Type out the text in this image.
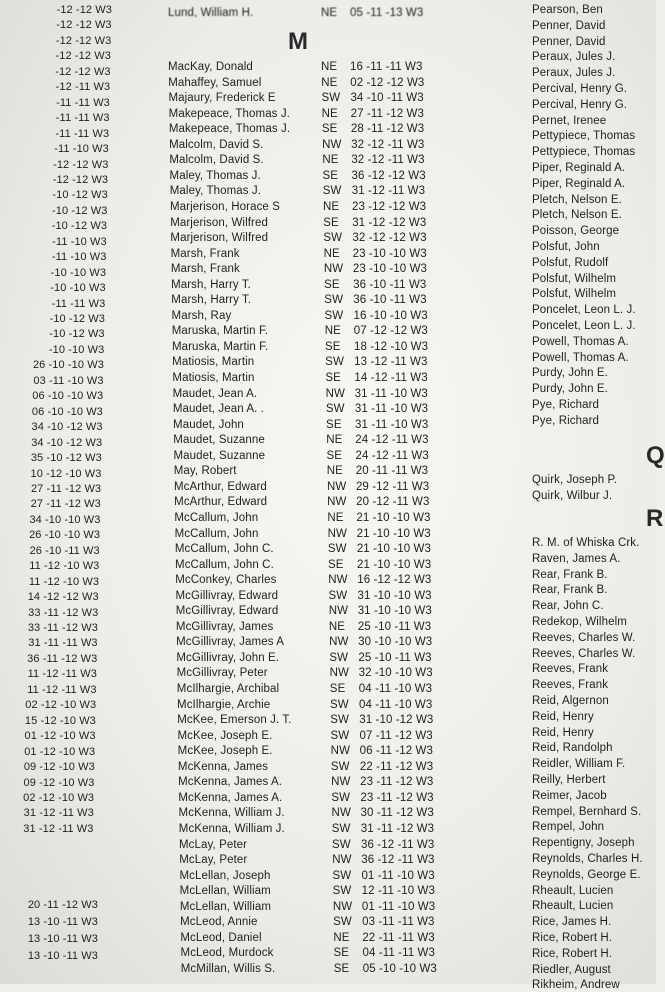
-12 -12 W3
-12 -12 W3
-12 -12 W3
-12 -12 W3
-12 -12 W3
-12 -11 W3
-11 -11 W3
-11 -11 W3
-11 -11 W3
-11 -10 W3
-12 -12 W3
-12 -12 W3
-10 -12 W3
-10 -12 W3
-10 -12 W3
-11 -10 W3
-11 -10 W3
-10 -10 W3
-10 -10 W3
-11 -11 W3
-10 -12 W3
-10 -12 W3
-10 -10 W3
26 -10 -10 W3
03 -11 -10 W3
06 -10 -10 W3
06 -10 -10 W3
34 -10 -12 W3
34 -10 -12 W3
35 -10 -12 W3
10 -12 -10 W3
27 -11 -12 W3
27 -11 -12 W3
34 -10 -10 W3
26 -10 -10 W3
26 -10 -11 W3
11 -12 -10 W3
11 -12 -10 W3
14 -12 -12 W3
33 -11 -12 W3
33 -11 -12 W3
31 -11 -11 W3
36 -11 -12 W3
11 -12 -11 W3
11 -12 -11 W3
02 -12 -10 W3
15 -12 -10 W3
01 -12 -10 W3
01 -12 -10 W3
09 -12 -10 W3
09 -12 -10 W3
02 -12 -10 W3
31 -12 -11 W3
31 -12 -11 W3
20 -11 -12 W3
13 -10 -11 W3
13 -10 -11 W3
13 -10 -11 W3
Lund, William H.	NE 05 -11 -13 W3
M
MacKay, Donald	NE 16 -11 -11 W3
Mahaffey, Samuel	NE 02 -12 -12 W3
Majaury, Frederick E	SW 34 -10 -11 W3
Makepeace, Thomas J.	NE 27 -11 -12 W3
Makepeace, Thomas J.	SE 28 -11 -12 W3
Malcolm, David S.	NW 32 -12 -11 W3
Malcolm, David S.	NE 32 -12 -11 W3
Maley, Thomas J.	SE 36 -12 -12 W3
Maley, Thomas J.	SW 31 -12 -11 W3
Marjerison, Horace S	NE 23 -12 -12 W3
Marjerison, Wilfred	SE 31 -12 -12 W3
Marjerison, Wilfred	SW 32 -12 -12 W3
Marsh, Frank	NE 23 -10 -10 W3
Marsh, Frank	NW 23 -10 -10 W3
Marsh, Harry T.	SE 36 -10 -11 W3
Marsh, Harry T.	SW 36 -10 -11 W3
Marsh, Ray	SW 16 -10 -10 W3
Maruska, Martin F.	NE 07 -12 -12 W3
Maruska, Martin F.	SE 18 -12 -10 W3
Matiosis, Martin	SW 13 -12 -11 W3
Matiosis, Martin	SE 14 -12 -11 W3
Maudet, Jean A.	NW 31 -11 -10 W3
Maudet, Jean A. .	SW 31 -11 -10 W3
Maudet, John	SE 31 -11 -10 W3
Maudet, Suzanne	NE 24 -12 -11 W3
Maudet, Suzanne	SE 24 -12 -11 W3
May, Robert	NE 20 -11 -11 W3
McArthur, Edward	NW 29 -12 -11 W3
McArthur, Edward	NW 20 -12 -11 W3
McCallum, John	NE 21 -10 -10 W3
McCallum, John	NW 21 -10 -10 W3
McCallum, John C.	SW 21 -10 -10 W3
McCallum, John C.	SE 21 -10 -10 W3
McConkey, Charles	NW 16 -12 -12 W3
McGillivray, Edward	SW 31 -10 -10 W3
McGillivray, Edward	NW 31 -10 -10 W3
McGillivray, James	NE 25 -10 -11 W3
McGillivray, James A	NW 30 -10 -10 W3
McGillivray, John E.	SW 25 -10 -11 W3
McGillivray, Peter	NW 32 -10 -10 W3
McIlhargie, Archibal	SE 04 -11 -10 W3
McIlhargie, Archie	SW 04 -11 -10 W3
McKee, Emerson J. T.	SW 31 -10 -12 W3
McKee, Joseph E.	SW 07 -11 -12 W3
McKee, Joseph E.	NW 06 -11 -12 W3
McKenna, James	SW 22 -11 -12 W3
McKenna, James A.	NW 23 -11 -12 W3
McKenna, James A.	SW 23 -11 -12 W3
McKenna, William J.	NW 30 -11 -12 W3
McKenna, William J.	SW 31 -11 -12 W3
McLay, Peter	SW 36 -12 -11 W3
McLay, Peter	NW 36 -12 -11 W3
McLellan, Joseph	SW 01 -11 -10 W3
McLellan, William	SW 12 -11 -10 W3
McLellan, William	NW 01 -11 -10 W3
McLeod, Annie	SW 03 -11 -11 W3
McLeod, Daniel	NE 22 -11 -11 W3
McLeod, Murdock	SE 04 -11 -11 W3
McMillan, Willis S.	SE 05 -10 -10 W3
Q
R
Pearson, Ben
Penner, David
Penner, David
Peraux, Jules J.
Peraux, Jules J.
Percival, Henry G.
Percival, Henry G.
Pernet, Irenee
Pettypiece, Thomas
Pettypiece, Thomas
Piper, Reginald A.
Piper, Reginald A.
Pletch, Nelson E.
Pletch, Nelson E.
Poisson, George
Polsfut, John
Polsfut, Rudolf
Polsfut, Wilhelm
Polsfut, Wilhelm
Poncelet, Leon L. J.
Poncelet, Leon L. J.
Powell, Thomas A.
Powell, Thomas A.
Purdy, John E.
Purdy, John E.
Pye, Richard
Pye, Richard
Quirk, Joseph P.
Quirk, Wilbur J.
R. M. of Whiska Crk.
Raven, James A.
Rear, Frank B.
Rear, Frank B.
Rear, John C.
Redekop, Wilhelm
Reeves, Charles W.
Reeves, Charles W.
Reeves, Frank
Reeves, Frank
Reid, Algernon
Reid, Henry
Reid, Henry
Reid, Randolph
Reidler, William F.
Reilly, Herbert
Reimer, Jacob
Rempel, Bernhard S.
Rempel, John
Repentigny, Joseph
Reynolds, Charles H.
Reynolds, George E.
Rheault, Lucien
Rheault, Lucien
Rice, James H.
Rice, Robert H.
Rice, Robert H.
Riedler, August
Rikheim, Andrew
